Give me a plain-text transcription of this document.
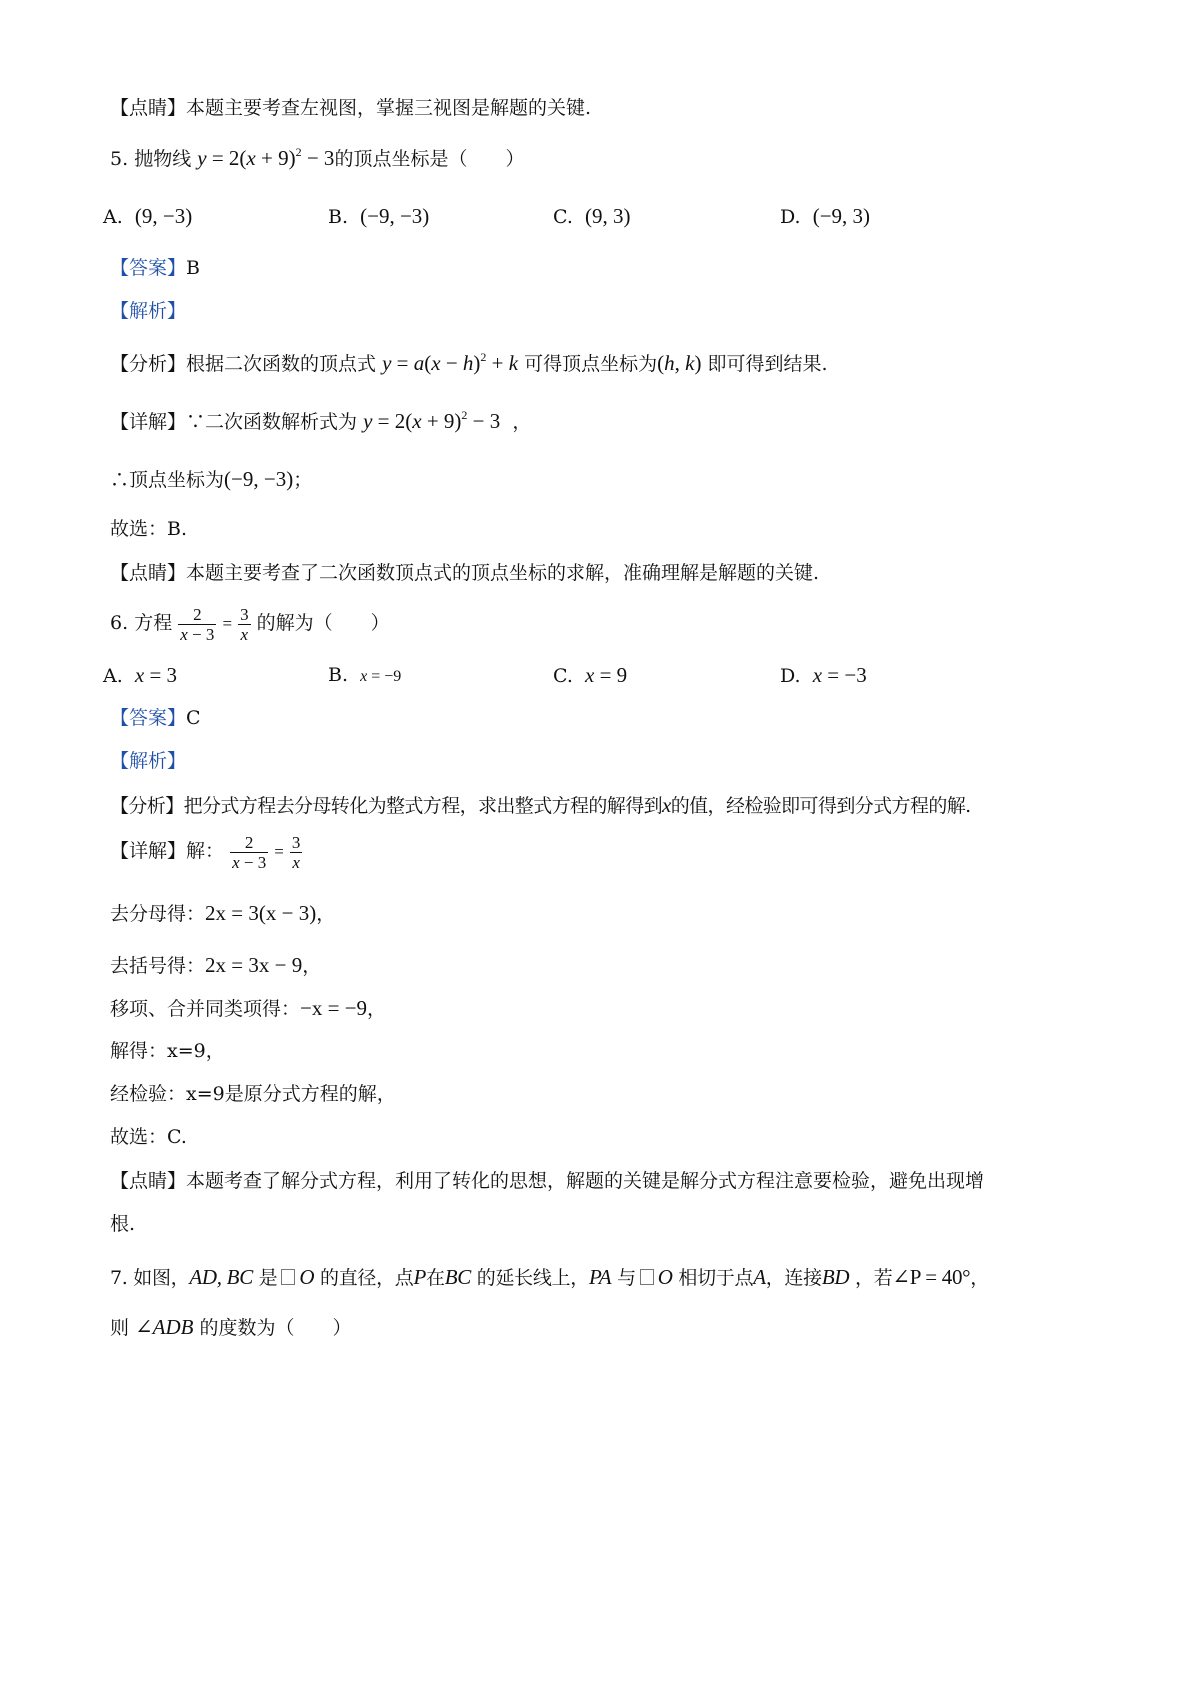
【点睛】本题主要考查左视图，掌握三视图是解题的关键.
5. 抛物线 $y = 2(x + 9)^2 - 3$的顶点坐标是（　　）
A. (9, −3)	B. (−9, −3)	C. (9, 3)	D. (−9, 3)
【答案】B
【解析】
【分析】根据二次函数的顶点式 $y = a(x - h)^2 + k$ 可得顶点坐标为(h, k) 即可得到结果.
【详解】∵二次函数解析式为 $y = 2(x + 9)^2 - 3$ ，
∴顶点坐标为(−9, −3)；
故选：B.
【点睛】本题主要考查了二次函数顶点式的顶点坐标的求解，准确理解是解题的关键.
6. 方程 $\frac{2}{x - 3} = \frac{3}{x}$ 的解为（　　）
A. x = 3	B. x = −9	C. x = 9	D. x = −3
【答案】C
【解析】
【分析】把分式方程去分母转化为整式方程，求出整式方程的解得到x的值，经检验即可得到分式方程的解.
【详解】解： $\frac{2}{x - 3} = \frac{3}{x}$
去分母得：2x = 3(x − 3)，
去括号得：2x = 3x − 9，
移项、合并同类项得：−x = −9，
解得：x=9，
经检验：x=9是原分式方程的解，
故选：C.
【点睛】本题考查了解分式方程，利用了转化的思想，解题的关键是解分式方程注意要检验，避免出现增
根.
7. 如图，AD, BC 是 O 的直径，点P在BC 的延长线上，PA 与 O 相切于点A，连接BD ，若∠P = 40°，
则 ∠ADB 的度数为（　　）
